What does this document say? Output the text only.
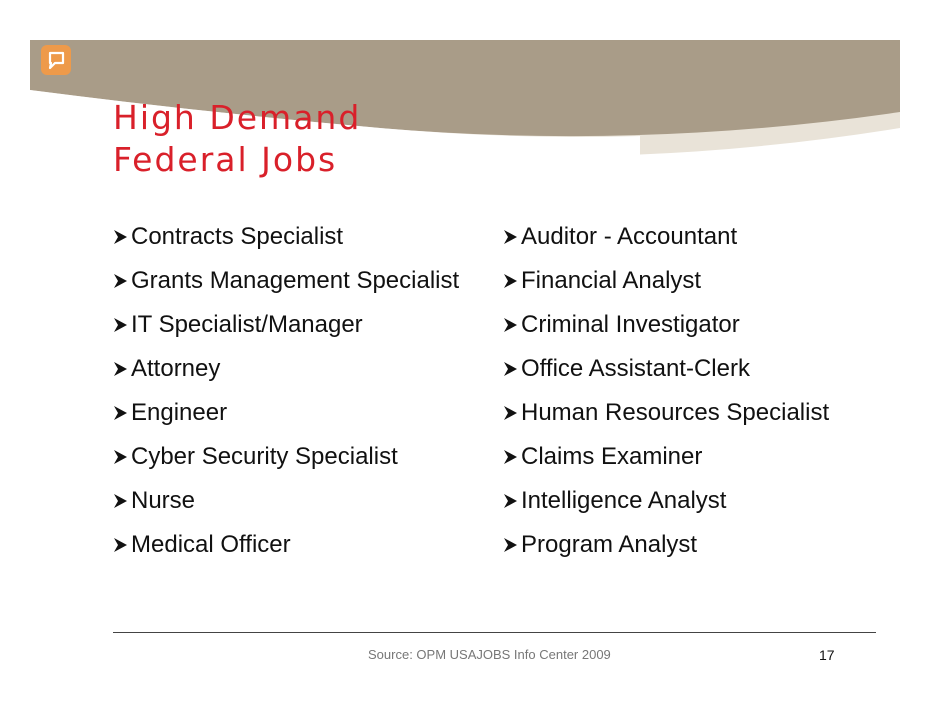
High Demand
Federal Jobs
Contracts Specialist
Grants Management Specialist
IT Specialist/Manager
Attorney
Engineer
Cyber Security Specialist
Nurse
Medical Officer
Auditor - Accountant
Financial Analyst
Criminal Investigator
Office Assistant-Clerk
Human Resources Specialist
Claims Examiner
Intelligence Analyst
Program Analyst
Source: OPM USAJOBS Info Center 2009	17
